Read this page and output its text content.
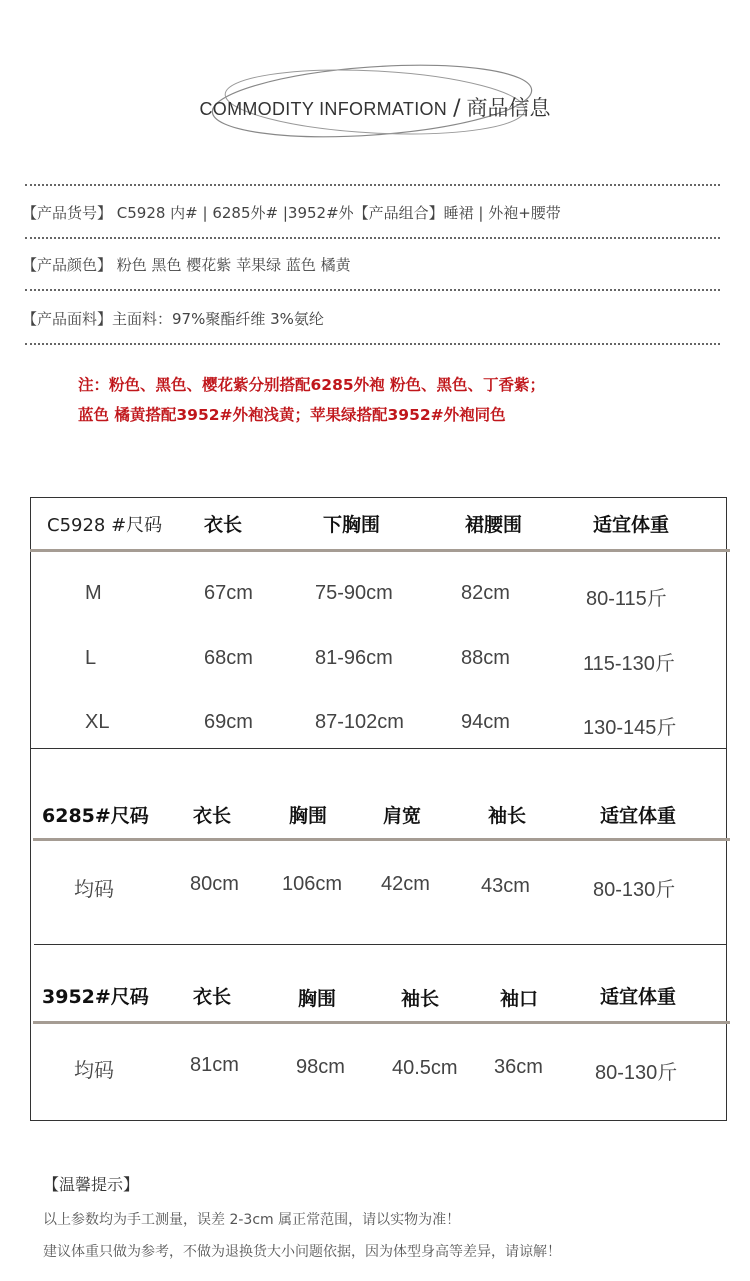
COMMODITY INFORMATION / 商品信息
【产品货号】 C5928 内# | 6285外# |3952#外【产品组合】睡裙 | 外袍+腰带
【产品颜色】 粉色 黑色 樱花紫 苹果绿 蓝色 橘黄
【产品面料】主面料：97%聚酯纤维 3%氨纶
注：粉色、黑色、樱花紫分别搭配6285外袍 粉色、黑色、丁香紫；
蓝色 橘黄搭配3952#外袍浅黄；苹果绿搭配3952#外袍同色
C5928 #尺码 衣长	下胸围	裙腰围	适宜体重
M	67cm	75-90cm	82cm	80-115斤
L	68cm	81-96cm	88cm	115-130斤
XL	69cm	87-102cm	94cm	130-145斤
6285#尺码 衣长	胸围	肩宽	袖长	适宜体重
均码	80cm 106cm 42cm	43cm	80-130斤
3952#尺码 衣长	胸围	袖长	袖口	适宜体重
均码	81cm	98cm 40.5cm 36cm	80-130斤
【温馨提示】
以上参数均为手工测量，误差 2-3cm 属正常范围，请以实物为准！
建议体重只做为参考，不做为退换货大小问题依据，因为体型身高等差异，请谅解！
